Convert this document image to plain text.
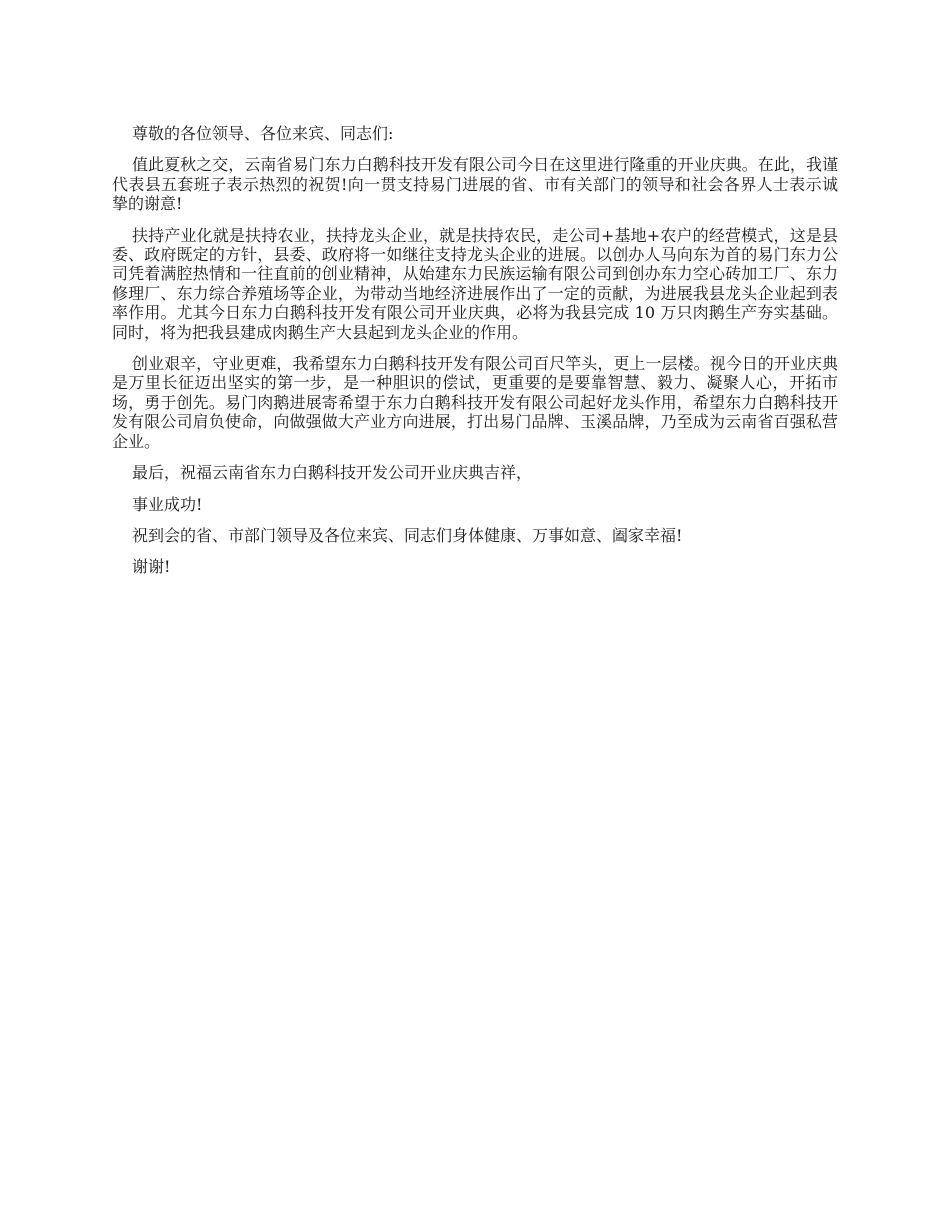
尊敬的各位领导、各位来宾、同志们:

值此夏秋之交，云南省易门东力白鹅科技开发有限公司今日在这里进行隆重的开业庆典。在此，我谨代表县五套班子表示热烈的祝贺!向一贯支持易门进展的省、市有关部门的领导和社会各界人士表示诚挚的谢意!

扶持产业化就是扶持农业，扶持龙头企业，就是扶持农民，走公司+基地+农户的经营模式，这是县委、政府既定的方针，县委、政府将一如继往支持龙头企业的进展。以创办人马向东为首的易门东力公司凭着满腔热情和一往直前的创业精神，从始建东力民族运输有限公司到创办东力空心砖加工厂、东力修理厂、东力综合养殖场等企业，为带动当地经济进展作出了一定的贡献，为进展我县龙头企业起到表率作用。尤其今日东力白鹅科技开发有限公司开业庆典，必将为我县完成 10 万只肉鹅生产夯实基础。同时，将为把我县建成肉鹅生产大县起到龙头企业的作用。

创业艰辛，守业更难，我希望东力白鹅科技开发有限公司百尺竿头，更上一层楼。视今日的开业庆典是万里长征迈出坚实的第一步，是一种胆识的偿试，更重要的是要靠智慧、毅力、凝聚人心，开拓市场，勇于创先。易门肉鹅进展寄希望于东力白鹅科技开发有限公司起好龙头作用，希望东力白鹅科技开发有限公司肩负使命，向做强做大产业方向进展，打出易门品牌、玉溪品牌，乃至成为云南省百强私营企业。

最后，祝福云南省东力白鹅科技开发公司开业庆典吉祥，

事业成功!

祝到会的省、市部门领导及各位来宾、同志们身体健康、万事如意、阖家幸福!

谢谢!
